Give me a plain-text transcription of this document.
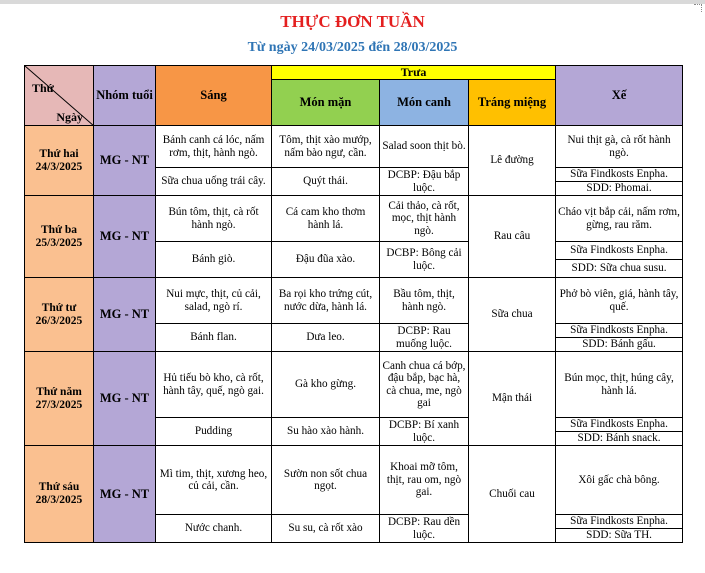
THỰC ĐƠN TUẦN
Từ ngày 24/03/2025 đến 28/03/2025
Thứ
Ngày	Nhóm tuổi	Sáng	Trưa			Xế
			Món mặn	Món canh	Tráng miệng	
Thứ hai 24/3/2025	MG - NT	Bánh canh cá lóc, nấm rơm, thịt, hành ngò.	Tôm, thịt xào mướp, nấm bào ngư, cần.	Salad soon thịt bò.	Lê đường	Nui thịt gà, cà rốt hành ngò.
		Sữa chua uống trái cây.	Quýt thái.	DCBP: Đậu bắp luộc.		Sữa Findkosts Enpha.
						SDD: Phomai.
Thứ ba 25/3/2025	MG - NT	Bún tôm, thịt, cà rốt hành ngò.	Cá cam kho thơm hành lá.	Cải thảo, cà rốt, mọc, thịt hành ngò.	Rau câu	Cháo vịt bắp cải, nấm rơm, gừng, rau răm.
		Bánh giò.	Đậu đũa xào.	DCBP: Bông cải luộc.		Sữa Findkosts Enpha.
						SDD: Sữa chua susu.
Thứ tư 26/3/2025	MG - NT	Nui mực, thịt, củ cải, salad, ngò rí.	Ba rọi kho trứng cút, nước dừa, hành lá.	Bầu tôm, thịt, hành ngò.	Sữa chua	Phở bò viên, giá, hành tây, quế.
		Bánh flan.	Dưa leo.	DCBP: Rau muống luộc.		Sữa Findkosts Enpha.
						SDD: Bánh gấu.
Thứ năm 27/3/2025	MG - NT	Hủ tiếu bò kho, cà rốt, hành tây, quế, ngò gai.	Gà kho gừng.	Canh chua cá bớp, đậu bắp, bạc hà, cà chua, me, ngò gai	Mận thái	Bún mọc, thịt, húng cây, hành lá.
		Pudding	Su hào xào hành.	DCBP: Bí xanh luộc.		Sữa Findkosts Enpha.
						SDD: Bánh snack.
Thứ sáu 28/3/2025	MG - NT	Mì tim, thịt, xương heo, củ cải, cần.	Sườn non sốt chua ngọt.	Khoai mỡ tôm, thịt, rau om, ngò gai.	Chuối cau	Xôi gấc chà bông.
		Nước chanh.	Su su, cà rốt xào	DCBP: Rau dền luộc.		Sữa Findkosts Enpha.
						SDD: Sữa TH.
